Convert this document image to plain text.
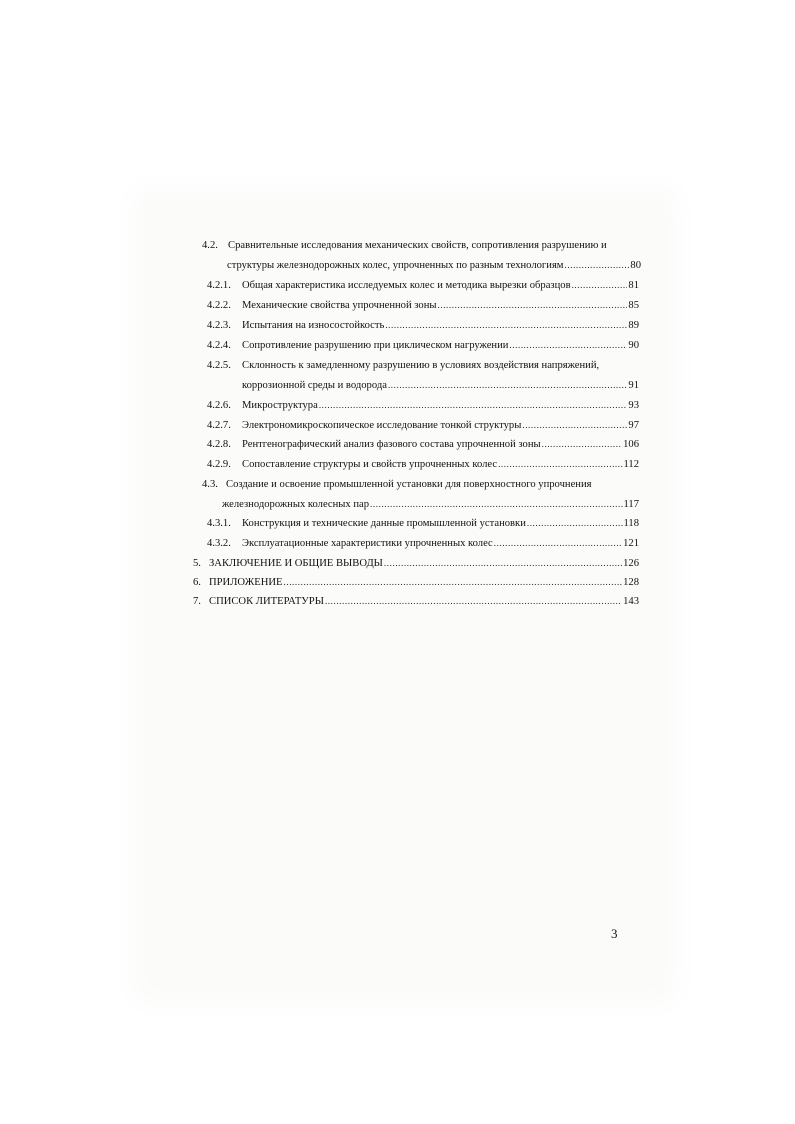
4.2. Сравнительные исследования механических свойств, сопротивления разрушению и
структуры железнодорожных колес, упрочненных по разным технологиям .....	80
4.2.1.	Общая характеристика исследуемых колес и методика вырезки образцов .....	81
4.2.2.	Механические свойства упрочненной зоны .....	85
4.2.3.	Испытания на износостойкость .....	89
4.2.4.	Сопротивление разрушению при циклическом нагружении .....	90
4.2.5.	Склонность к замедленному разрушению в условиях воздействия напряжений,
коррозионной среды и водорода .....	91
4.2.6.	Микроструктура .....	93
4.2.7.	Электрономикроскопическое исследование тонкой структуры .....	97
4.2.8.	Рентгенографический анализ фазового состава упрочненной зоны .....	106
4.2.9.	Сопоставление структуры и свойств упрочненных колес .....	112
4.3. Создание и освоение промышленной установки для поверхностного упрочнения
железнодорожных колесных пар .....	117
4.3.1.	Конструкция и технические данные промышленной установки .....	118
4.3.2.	Эксплуатационные характеристики упрочненных колес .....	121
5. ЗАКЛЮЧЕНИЕ И ОБЩИЕ ВЫВОДЫ .....	126
6. ПРИЛОЖЕНИЕ .....	128
7. СПИСОК ЛИТЕРАТУРЫ .....	143
3
